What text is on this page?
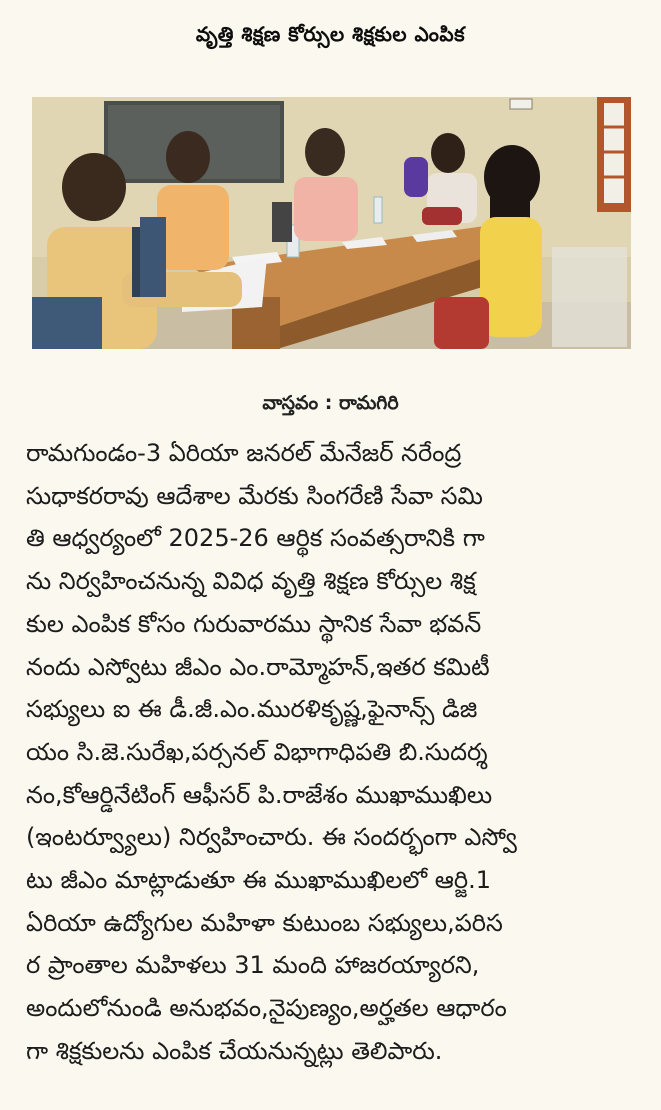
వృత్తి శిక్షణ కోర్సుల శిక్షకుల ఎంపిక
వాస్తవం : రామగిరి
రామగుండం-3 ఏరియా జనరల్ మేనేజర్ నరేంద్ర
సుధాకరరావు ఆదేశాల మేరకు సింగరేణి సేవా సమి
తి ఆధ్వర్యంలో 2025-26 ఆర్థిక సంవత్సరానికి గా
ను నిర్వహించనున్న వివిధ వృత్తి శిక్షణ కోర్సుల శిక్ష
కుల ఎంపిక కోసం గురువారము స్థానిక సేవా భవన్
నందు ఎస్వోటు జీఎం ఎం.రామ్మోహన్,ఇతర కమిటీ
సభ్యులు ఐ ఈ డీ.జీ.ఎం.మురళికృష్ణ,ఫైనాన్స్ డిజి
యం సి.జె.సురేఖ,పర్సనల్ విభాగాధిపతి బి.సుదర్శ
నం,కోఆర్డినేటింగ్ ఆఫీసర్ పి.రాజేశం ముఖాముఖిలు
(ఇంటర్వ్యూలు) నిర్వహించారు. ఈ సందర్భంగా ఎస్వో
టు జీఎం మాట్లాడుతూ ఈ ముఖాముఖిలలో ఆర్జి.1
ఏరియా ఉద్యోగుల మహిళా కుటుంబ సభ్యులు,పరిస
ర ప్రాంతాల మహిళలు 31 మంది హాజరయ్యారని,
అందులోనుండి అనుభవం,నైపుణ్యం,అర్హతల ఆధారం
గా శిక్షకులను ఎంపిక చేయనున్నట్లు తెలిపారు.
